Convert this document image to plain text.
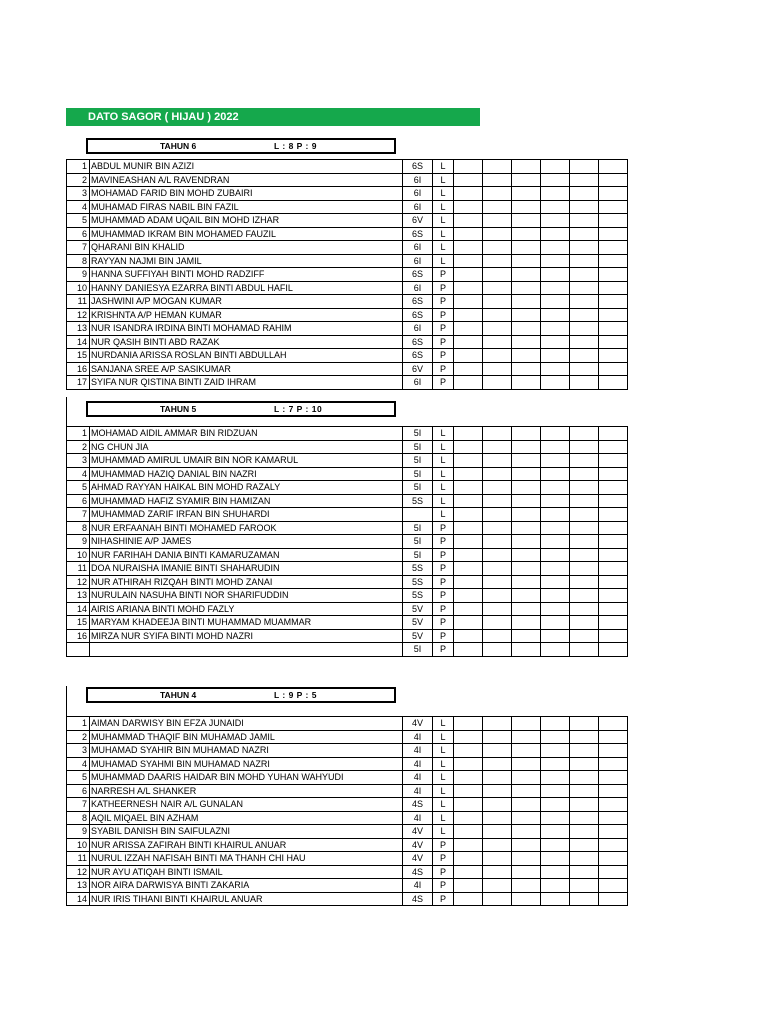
DATO SAGOR ( HIJAU ) 2022
TAHUN 6	L : 8 P : 9
1	ABDUL MUNIR BIN AZIZI	6S	L						
2	MAVINEASHAN A/L RAVENDRAN	6I	L						
3	MOHAMAD FARID BIN MOHD ZUBAIRI	6I	L						
4	MUHAMAD FIRAS NABIL BIN FAZIL	6I	L						
5	MUHAMMAD ADAM UQAIL BIN MOHD IZHAR	6V	L						
6	MUHAMMAD IKRAM BIN MOHAMED FAUZIL	6S	L						
7	QHARANI BIN KHALID	6I	L						
8	RAYYAN NAJMI BIN JAMIL	6I	L						
9	HANNA SUFFIYAH BINTI MOHD RADZIFF	6S	P						
10	HANNY DANIESYA EZARRA BINTI ABDUL HAFIL	6I	P						
11	JASHWINI A/P MOGAN KUMAR	6S	P						
12	KRISHNTA A/P HEMAN KUMAR	6S	P						
13	NUR ISANDRA IRDINA BINTI MOHAMAD RAHIM	6I	P						
14	NUR QASIH BINTI ABD RAZAK	6S	P						
15	NURDANIA ARISSA ROSLAN BINTI ABDULLAH	6S	P						
16	SANJANA SREE A/P SASIKUMAR	6V	P						
17	SYIFA NUR QISTINA BINTI ZAID IHRAM	6I	P						
TAHUN 5	L : 7 P : 10
1	MOHAMAD AIDIL AMMAR BIN RIDZUAN	5I	L						
2	NG CHUN JIA	5I	L						
3	MUHAMMAD AMIRUL UMAIR BIN NOR KAMARUL	5I	L						
4	MUHAMMAD HAZIQ DANIAL BIN NAZRI	5I	L						
5	AHMAD RAYYAN HAIKAL BIN MOHD RAZALY	5I	L						
6	MUHAMMAD HAFIZ SYAMIR BIN HAMIZAN	5S	L						
7	MUHAMMAD ZARIF IRFAN BIN SHUHARDI		L						
8	NUR ERFAANAH BINTI MOHAMED FAROOK	5I	P						
9	NIHASHINIE A/P JAMES	5I	P						
10	NUR FARIHAH DANIA BINTI KAMARUZAMAN	5I	P						
11	DOA NURAISHA IMANIE BINTI SHAHARUDIN	5S	P						
12	NUR ATHIRAH RIZQAH BINTI MOHD ZANAI	5S	P						
13	NURULAIN NASUHA BINTI NOR SHARIFUDDIN	5S	P						
14	AIRIS ARIANA BINTI MOHD FAZLY	5V	P						
15	MARYAM KHADEEJA BINTI MUHAMMAD MUAMMAR	5V	P						
16	MIRZA NUR SYIFA BINTI MOHD NAZRI	5V	P						
		5I	P						
TAHUN 4	L : 9 P : 5
1	AIMAN DARWISY BIN EFZA JUNAIDI	4V	L						
2	MUHAMMAD THAQIF BIN MUHAMAD JAMIL	4I	L						
3	MUHAMAD SYAHIR BIN MUHAMAD NAZRI	4I	L						
4	MUHAMAD SYAHMI BIN MUHAMAD NAZRI	4I	L						
5	MUHAMMAD DAARIS HAIDAR BIN MOHD YUHAN WAHYUDI	4I	L						
6	NARRESH A/L SHANKER	4I	L						
7	KATHEERNESH NAIR A/L GUNALAN	4S	L						
8	AQIL MIQAEL BIN AZHAM	4I	L						
9	SYABIL DANISH BIN SAIFULAZNI	4V	L						
10	NUR ARISSA ZAFIRAH BINTI KHAIRUL ANUAR	4V	P						
11	NURUL IZZAH NAFISAH BINTI MA THANH CHI HAU	4V	P						
12	NUR AYU ATIQAH BINTI ISMAIL	4S	P						
13	NOR AIRA DARWISYA BINTI ZAKARIA	4I	P						
14	NUR IRIS TIHANI BINTI KHAIRUL ANUAR	4S	P						
